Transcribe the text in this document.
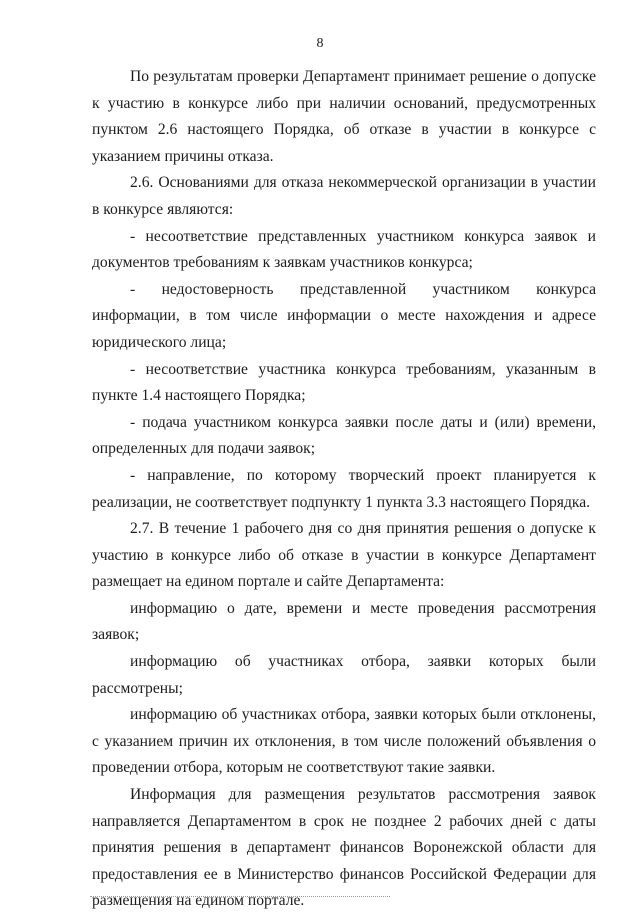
8

По результатам проверки Департамент принимает решение о допуске к участию в конкурсе либо при наличии оснований, предусмотренных пунктом 2.6 настоящего Порядка, об отказе в участии в конкурсе с указанием причины отказа.

2.6. Основаниями для отказа некоммерческой организации в участии в конкурсе являются:

- несоответствие представленных участником конкурса заявок и документов требованиям к заявкам участников конкурса;

- недостоверность представленной участником конкурса информации, в том числе информации о месте нахождения и адресе юридического лица;

- несоответствие участника конкурса требованиям, указанным в пункте 1.4 настоящего Порядка;

- подача участником конкурса заявки после даты и (или) времени, определенных для подачи заявок;

- направление, по которому творческий проект планируется к реализации, не соответствует подпункту 1 пункта 3.3 настоящего Порядка.

2.7. В течение 1 рабочего дня со дня принятия решения о допуске к участию в конкурсе либо об отказе в участии в конкурсе Департамент размещает на едином портале и сайте Департамента:

информацию о дате, времени и месте проведения рассмотрения заявок;

информацию об участниках отбора, заявки которых были рассмотрены;

информацию об участниках отбора, заявки которых были отклонены, с указанием причин их отклонения, в том числе положений объявления о проведении отбора, которым не соответствуют такие заявки.

Информация для размещения результатов рассмотрения заявок направляется Департаментом в срок не позднее 2 рабочих дней с даты принятия решения в департамент финансов Воронежской области для предоставления ее в Министерство финансов Российской Федерации для размещения на едином портале.
